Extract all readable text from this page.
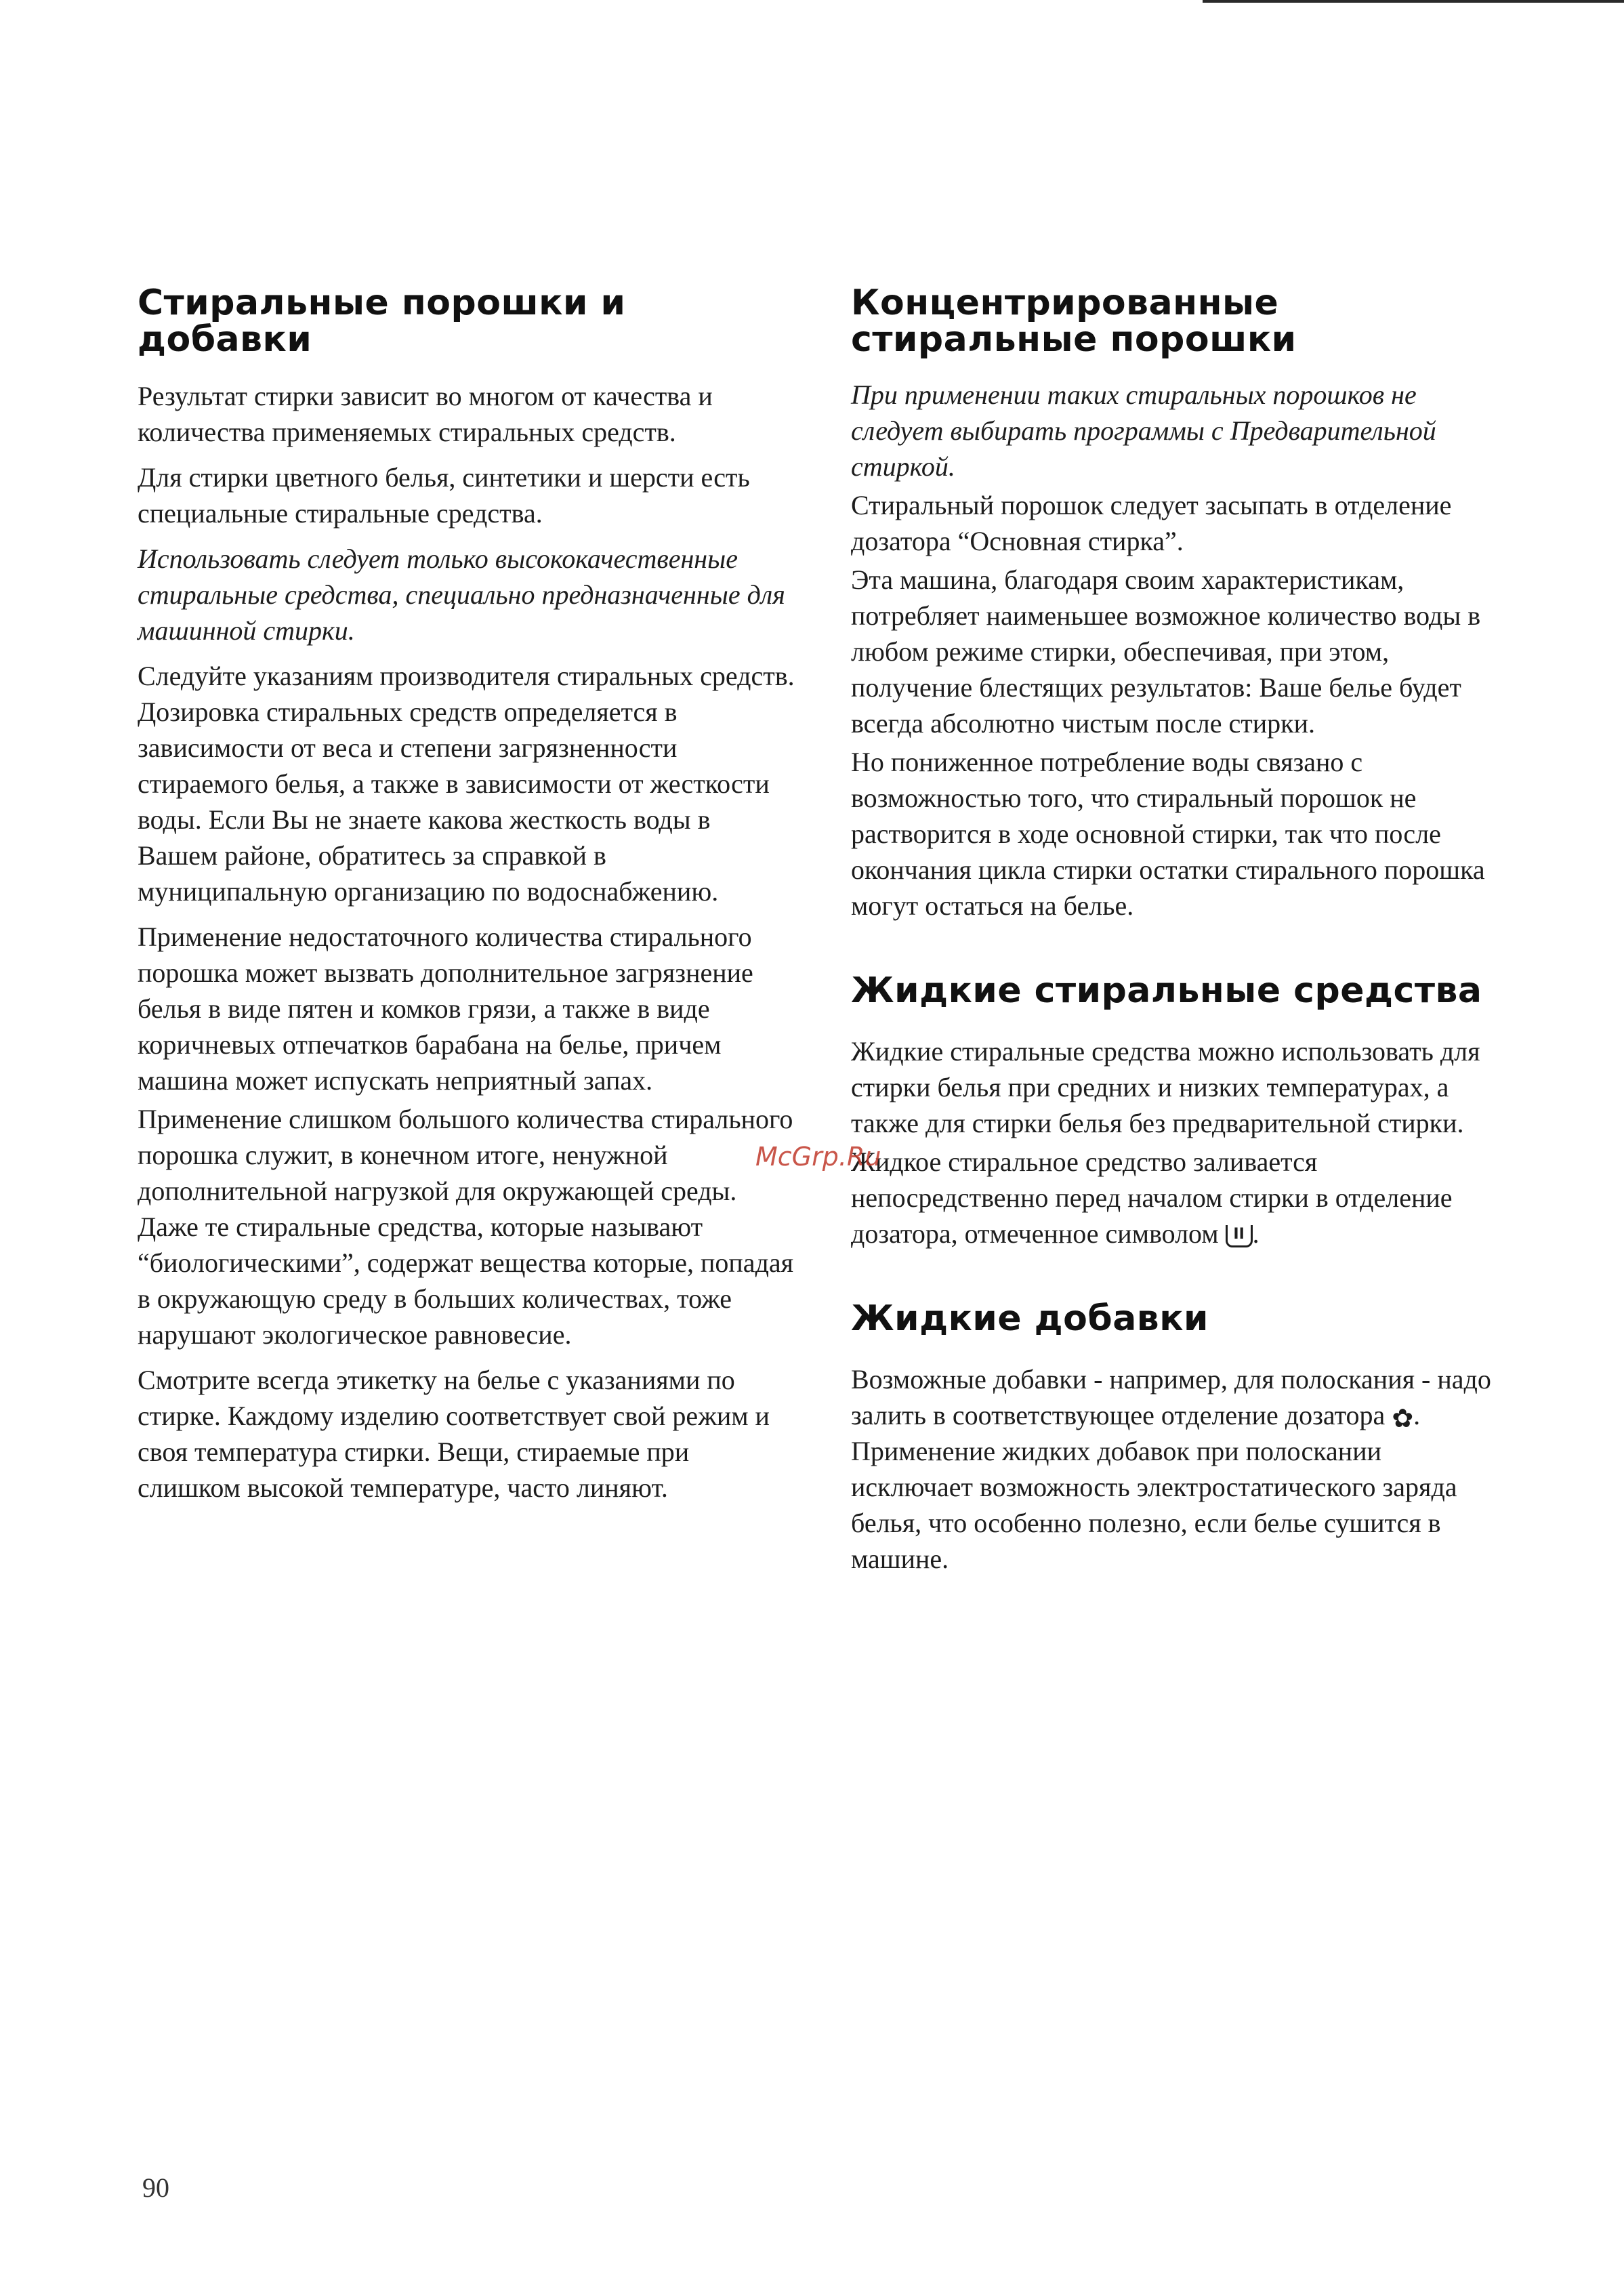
Стиральные порошки и добавки

Результат стирки зависит во многом от качества и количества применяемых стиральных средств.

Для стирки цветного белья, синтетики и шерсти есть специальные стиральные средства.

Использовать следует только высококачественные стиральные средства, специально предназначенные для машинной стирки.

Следуйте указаниям производителя стиральных средств. Дозировка стиральных средств определяется в зависимости от веса и степени загрязненности стираемого белья, а также в зависимости от жесткости воды. Если Вы не знаете какова жесткость воды в Вашем районе, обратитесь за справкой в муниципальную организацию по водоснабжению.

Применение недостаточного количества стирального порошка может вызвать дополнительное загрязнение белья в виде пятен и комков грязи, а также в виде коричневых отпечатков барабана на белье, причем машина может испускать неприятный запах.

Применение слишком большого количества стирального порошка служит, в конечном итоге, ненужной дополнительной нагрузкой для окружающей среды. Даже те стиральные средства, которые называют “биологическими”, содержат вещества которые, попадая в окружающую среду в больших количествах, тоже нарушают экологическое равновесие.

Смотрите всегда этикетку на белье с указаниями по стирке. Каждому изделию соответствует свой режим и своя температура стирки. Вещи, стираемые при слишком высокой температуре, часто линяют.

Концентрированные стиральные порошки

При применении таких стиральных порошков не следует выбирать программы с Предварительной стиркой.

Стиральный порошок следует засыпать в отделение дозатора “Основная стирка”.

Эта машина, благодаря своим характеристикам, потребляет наименьшее возможное количество воды в любом режиме стирки, обеспечивая, при этом, получение блестящих результатов: Ваше белье будет всегда абсолютно чистым после стирки.

Но пониженное потребление воды связано с возможностью того, что стиральный порошок не растворится в ходе основной стирки, так что после окончания цикла стирки остатки стирального порошка могут остаться на белье.

Жидкие стиральные средства

Жидкие стиральные средства можно использовать для стирки белья при средних и низких температурах, а также для стирки белья без предварительной стирки.

Жидкое стиральное средство заливается непосредственно перед началом стирки в отделение дозатора, отмеченное символом II .

Жидкие добавки

Возможные добавки - например, для полоскания - надо залить в соответствующее отделение дозатора ✿. Применение жидких добавок при полоскании исключает возможность электростатического заряда белья, что особенно полезно, если белье сушится в машине.

McGrp.Ru
90
